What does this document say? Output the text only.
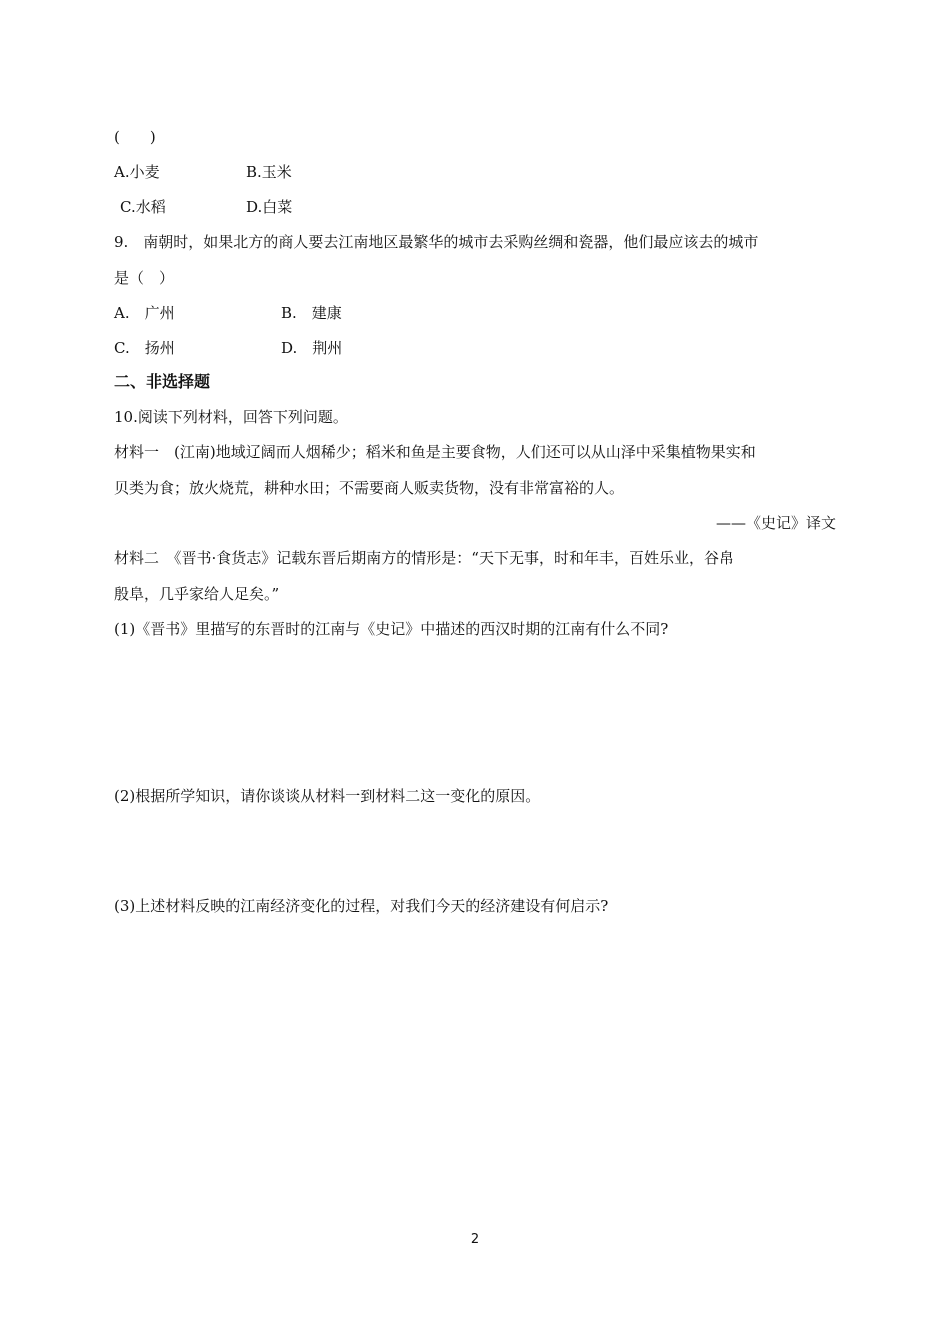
(　　)
A.小麦	B.玉米
C.水稻	D.白菜
9.　南朝时，如果北方的商人要去江南地区最繁华的城市去采购丝绸和瓷器，他们最应该去的城市
是（　）
A.　广州	B.　建康
C.　扬州	D.　荆州
二、非选择题
10.阅读下列材料，回答下列问题。
材料一　(江南)地域辽阔而人烟稀少；稻米和鱼是主要食物，人们还可以从山泽中采集植物果实和
贝类为食；放火烧荒，耕种水田；不需要商人贩卖货物，没有非常富裕的人。
——《史记》译文
材料二　《晋书·食货志》记载东晋后期南方的情形是：“天下无事，时和年丰，百姓乐业，谷帛
殷阜，几乎家给人足矣。”
(1)《晋书》里描写的东晋时的江南与《史记》中描述的西汉时期的江南有什么不同?
(2)根据所学知识，请你谈谈从材料一到材料二这一变化的原因。
(3)上述材料反映的江南经济变化的过程，对我们今天的经济建设有何启示?
2
